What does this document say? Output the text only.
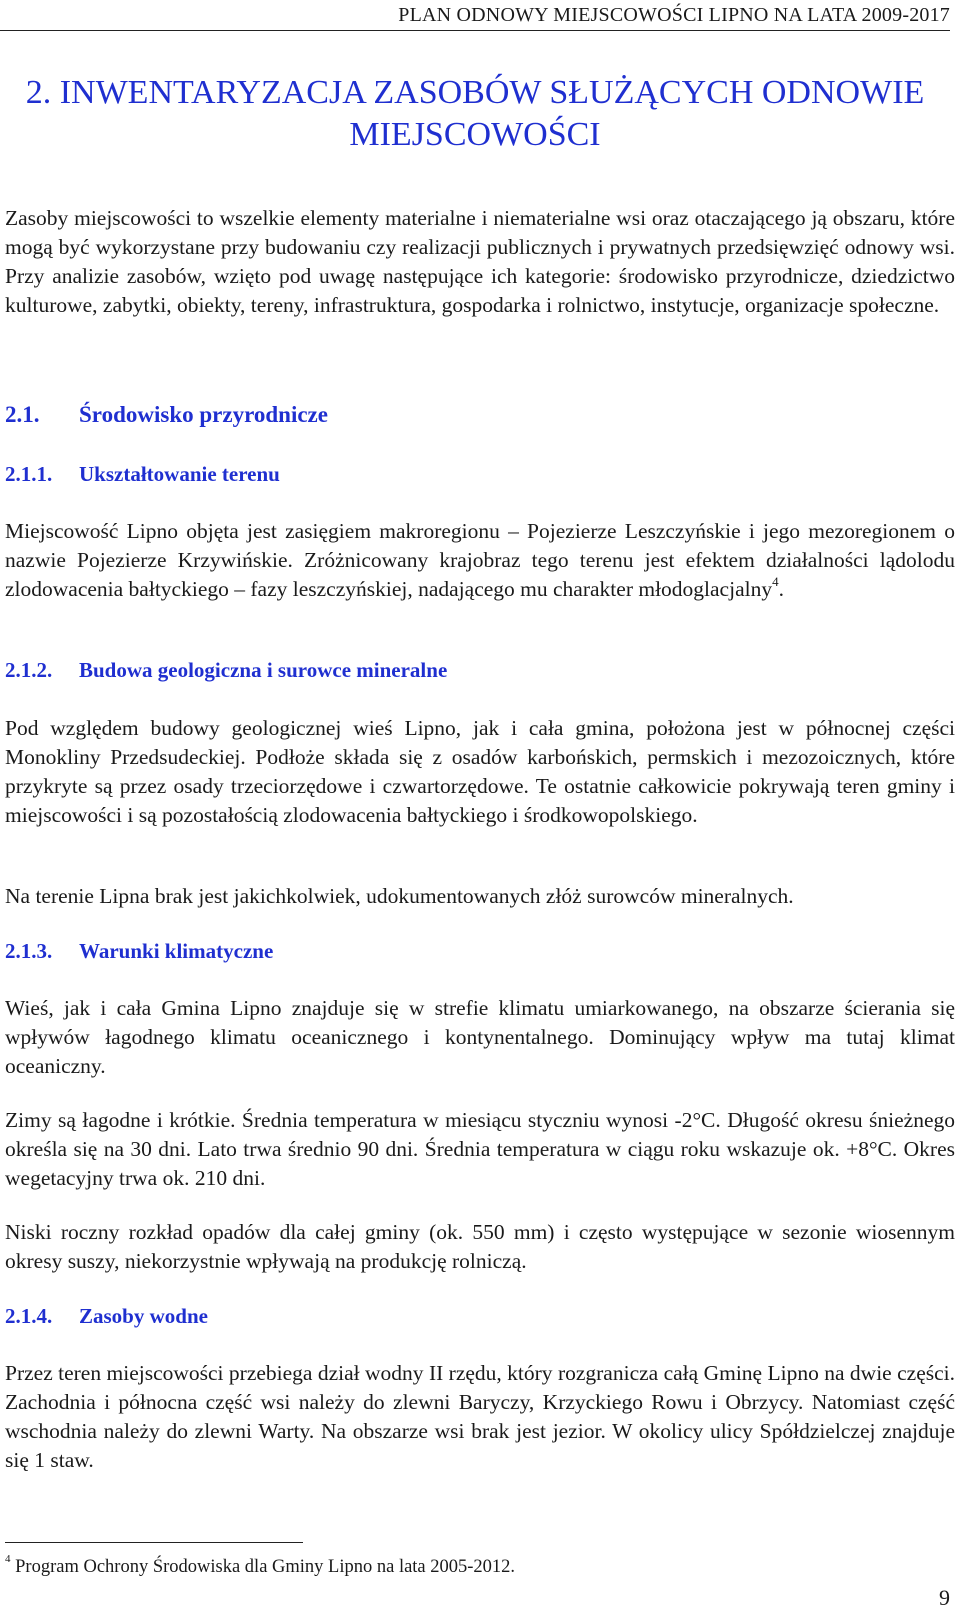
PLAN ODNOWY MIEJSCOWOŚCI LIPNO NA LATA 2009-2017
2. INWENTARYZACJA ZASOBÓW SŁUŻĄCYCH ODNOWIE
MIEJSCOWOŚCI
Zasoby miejscowości to wszelkie elementy materialne i niematerialne wsi oraz otaczającego ją obszaru, które mogą być wykorzystane przy budowaniu czy realizacji publicznych i prywatnych przedsięwzięć odnowy wsi. Przy analizie zasobów, wzięto pod uwagę następujące ich kategorie: środowisko przyrodnicze, dziedzictwo kulturowe, zabytki, obiekty, tereny, infrastruktura, gospodarka i rolnictwo, instytucje, organizacje społeczne.
2.1. Środowisko przyrodnicze
2.1.1. Ukształtowanie terenu
Miejscowość Lipno objęta jest zasięgiem makroregionu – Pojezierze Leszczyńskie i jego mezoregionem o nazwie Pojezierze Krzywińskie. Zróżnicowany krajobraz tego terenu jest efektem działalności lądolodu zlodowacenia bałtyckiego – fazy leszczyńskiej, nadającego mu charakter młodoglacjalny$^4$.
2.1.2. Budowa geologiczna i surowce mineralne
Pod względem budowy geologicznej wieś Lipno, jak i cała gmina, położona jest w północnej części Monokliny Przedsudeckiej. Podłoże składa się z osadów karbońskich, permskich i mezozoicznych, które przykryte są przez osady trzeciorzędowe i czwartorzędowe. Te ostatnie całkowicie pokrywają teren gminy i miejscowości i są pozostałością zlodowacenia bałtyckiego i środkowopolskiego.
Na terenie Lipna brak jest jakichkolwiek, udokumentowanych złóż surowców mineralnych.
2.1.3. Warunki klimatyczne
Wieś, jak i cała Gmina Lipno znajduje się w strefie klimatu umiarkowanego, na obszarze ścierania się wpływów łagodnego klimatu oceanicznego i kontynentalnego. Dominujący wpływ ma tutaj klimat oceaniczny.
Zimy są łagodne i krótkie. Średnia temperatura w miesiącu styczniu wynosi -2°C. Długość okresu śnieżnego określa się na 30 dni. Lato trwa średnio 90 dni. Średnia temperatura w ciągu roku wskazuje ok. +8°C. Okres wegetacyjny trwa ok. 210 dni.
Niski roczny rozkład opadów dla całej gminy (ok. 550 mm) i często występujące w sezonie wiosennym okresy suszy, niekorzystnie wpływają na produkcję rolniczą.
2.1.4. Zasoby wodne
Przez teren miejscowości przebiega dział wodny II rzędu, który rozgranicza całą Gminę Lipno na dwie części. Zachodnia i północna część wsi należy do zlewni Baryczy, Krzyckiego Rowu i Obrzycy. Natomiast część wschodnia należy do zlewni Warty. Na obszarze wsi brak jest jezior. W okolicy ulicy Spółdzielczej znajduje się 1 staw.
$^4$ Program Ochrony Środowiska dla Gminy Lipno na lata 2005-2012.
9
